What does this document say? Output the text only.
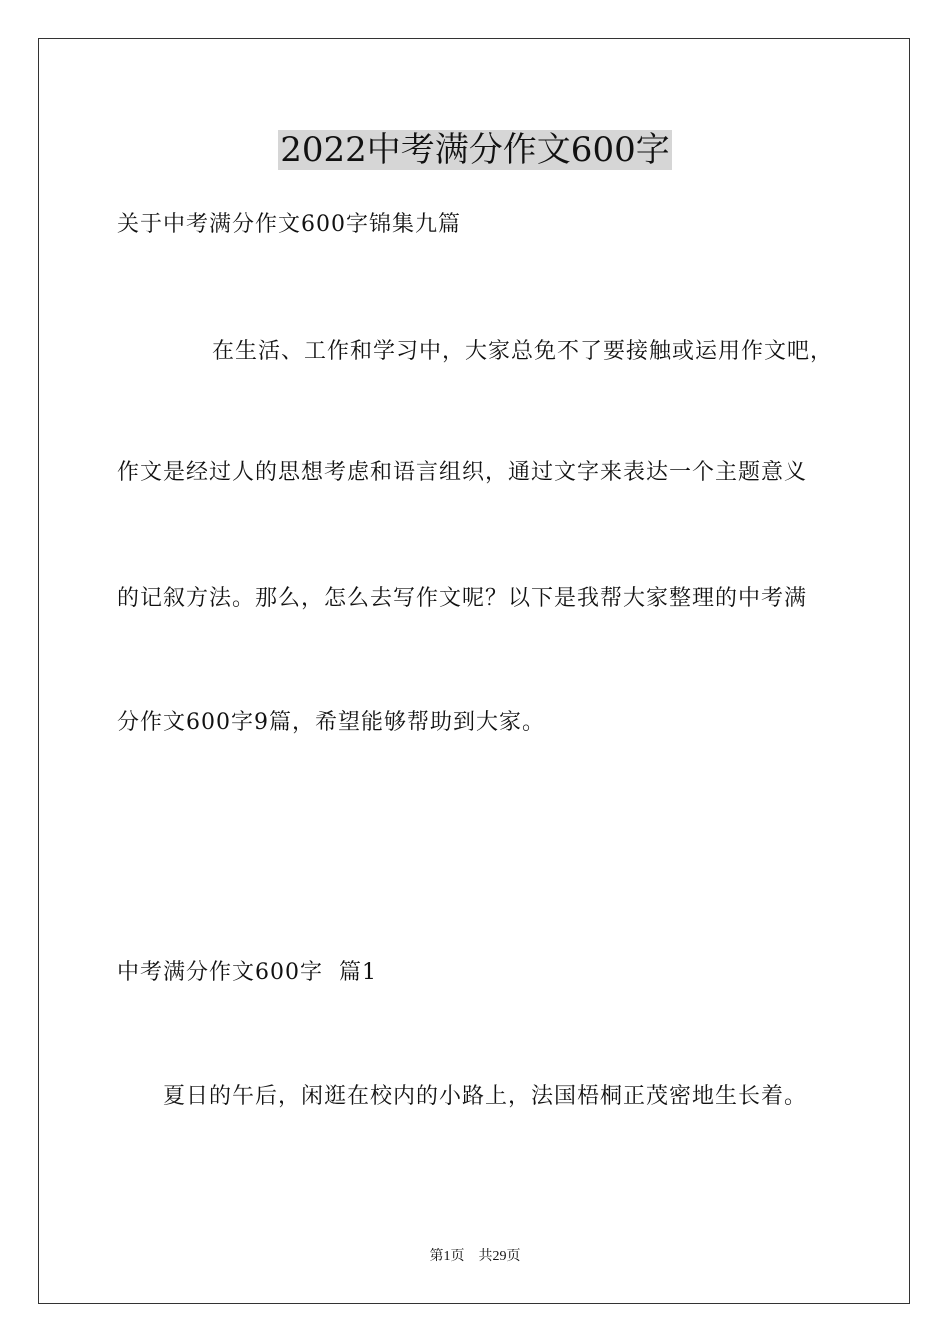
2022中考满分作文600字
关于中考满分作文600字锦集九篇
在生活、工作和学习中，大家总免不了要接触或运用作文吧，
作文是经过人的思想考虑和语言组织，通过文字来表达一个主题意义
的记叙方法。那么，怎么去写作文呢？以下是我帮大家整理的中考满
分作文600字9篇，希望能够帮助到大家。
中考满分作文600字  篇1
夏日的午后，闲逛在校内的小路上，法国梧桐正茂密地生长着。
第1页 共29页
